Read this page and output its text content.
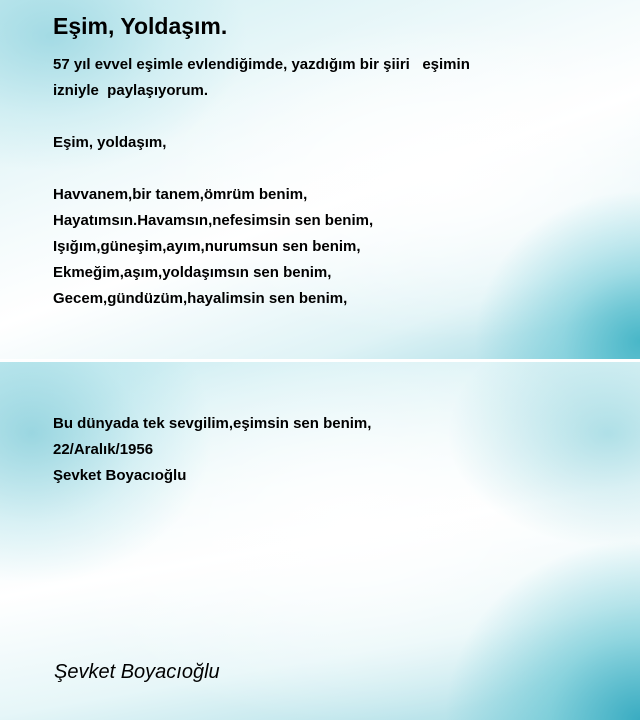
Eşim, Yoldaşım.

57 yıl evvel eşimle evlendiğimde, yazdığım bir şiiri   eşimin

izniyle  paylaşıyorum.

Eşim, yoldaşım,

Havvanem,bir tanem,ömrüm benim,

Hayatımsın.Havamsın,nefesimsin sen benim,

Işığım,güneşim,ayım,nurumsun sen benim,

Ekmeğim,aşım,yoldaşımsın sen benim,

Gecem,gündüzüm,hayalimsin sen benim,

Bu dünyada tek sevgilim,eşimsin sen benim,

22/Aralık/1956

Şevket Boyacıoğlu

Şevket Boyacıoğlu
